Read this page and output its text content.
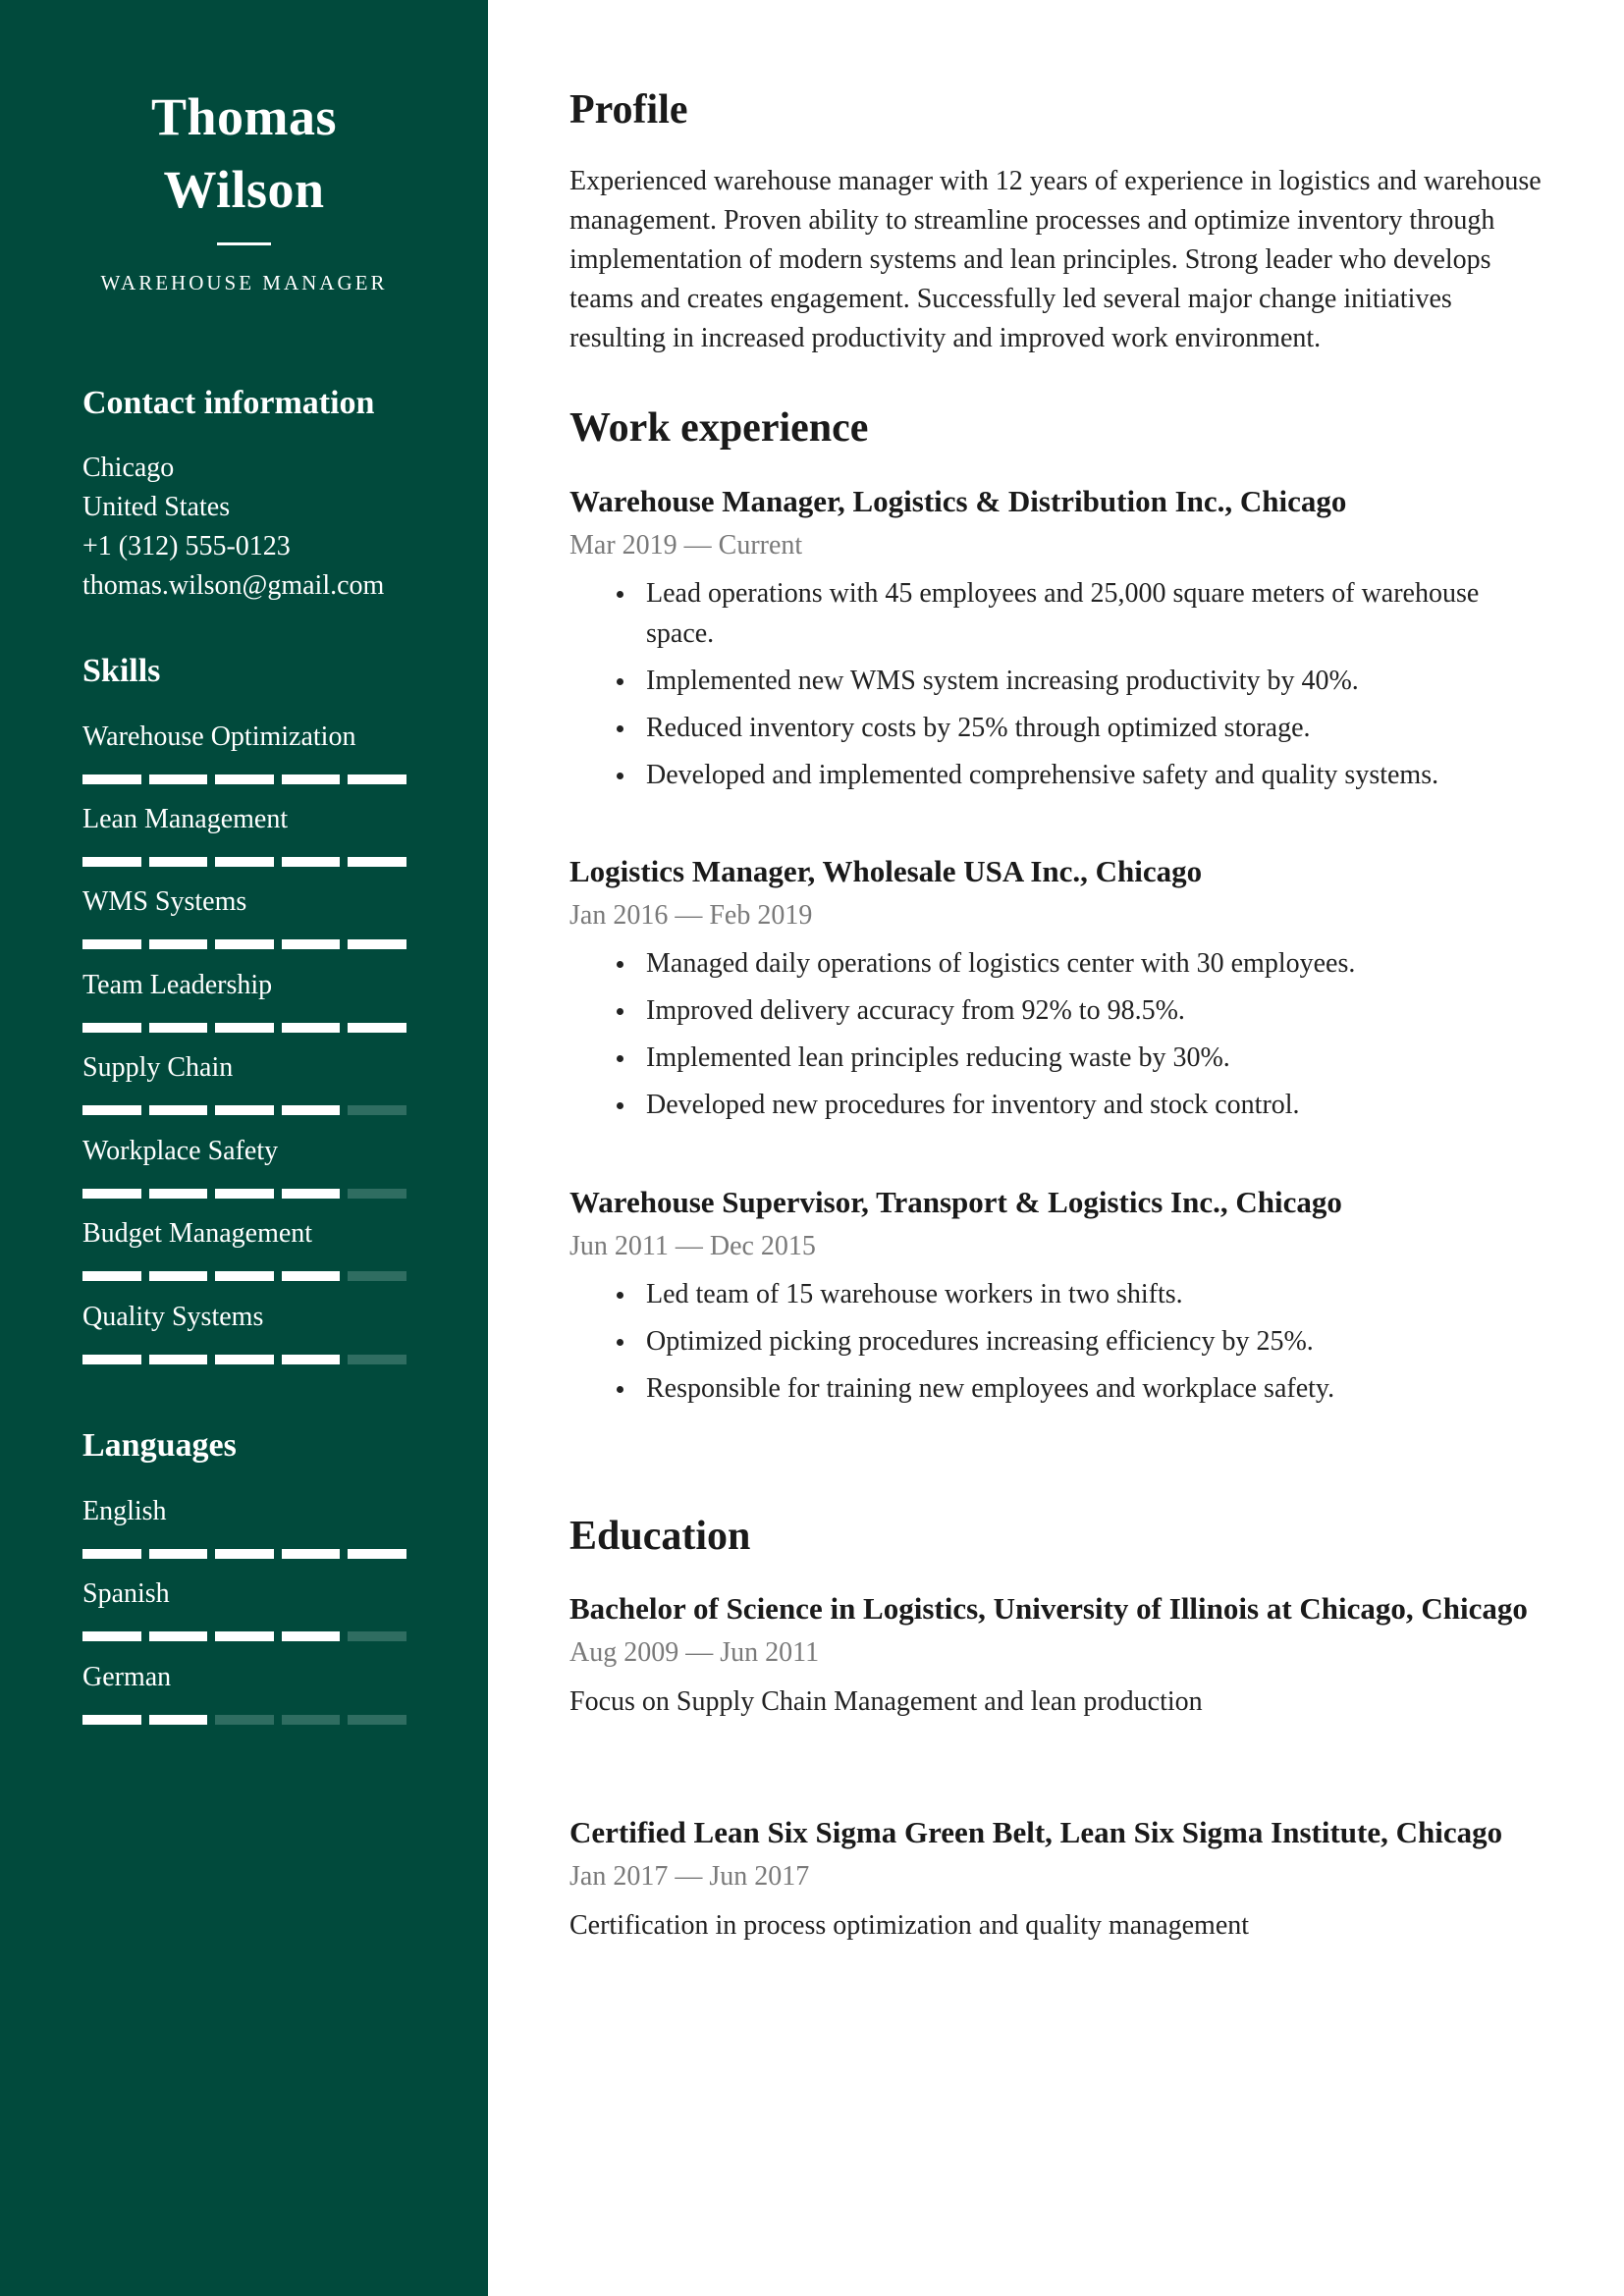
Thomas
Wilson
WAREHOUSE MANAGER
Contact information
Chicago
United States
+1 (312) 555-0123
thomas.wilson@gmail.com
Skills
Warehouse Optimization
Lean Management
WMS Systems
Team Leadership
Supply Chain
Workplace Safety
Budget Management
Quality Systems
Languages
English
Spanish
German
Profile
Experienced warehouse manager with 12 years of experience in logistics and warehouse management. Proven ability to streamline processes and optimize inventory through implementation of modern systems and lean principles. Strong leader who develops teams and creates engagement. Successfully led several major change initiatives resulting in increased productivity and improved work environment.
Work experience
Warehouse Manager, Logistics & Distribution Inc., Chicago
Mar 2019 — Current
Lead operations with 45 employees and 25,000 square meters of warehouse space.
Implemented new WMS system increasing productivity by 40%.
Reduced inventory costs by 25% through optimized storage.
Developed and implemented comprehensive safety and quality systems.
Logistics Manager, Wholesale USA Inc., Chicago
Jan 2016 — Feb 2019
Managed daily operations of logistics center with 30 employees.
Improved delivery accuracy from 92% to 98.5%.
Implemented lean principles reducing waste by 30%.
Developed new procedures for inventory and stock control.
Warehouse Supervisor, Transport & Logistics Inc., Chicago
Jun 2011 — Dec 2015
Led team of 15 warehouse workers in two shifts.
Optimized picking procedures increasing efficiency by 25%.
Responsible for training new employees and workplace safety.
Education
Bachelor of Science in Logistics, University of Illinois at Chicago, Chicago
Aug 2009 — Jun 2011
Focus on Supply Chain Management and lean production
Certified Lean Six Sigma Green Belt, Lean Six Sigma Institute, Chicago
Jan 2017 — Jun 2017
Certification in process optimization and quality management
